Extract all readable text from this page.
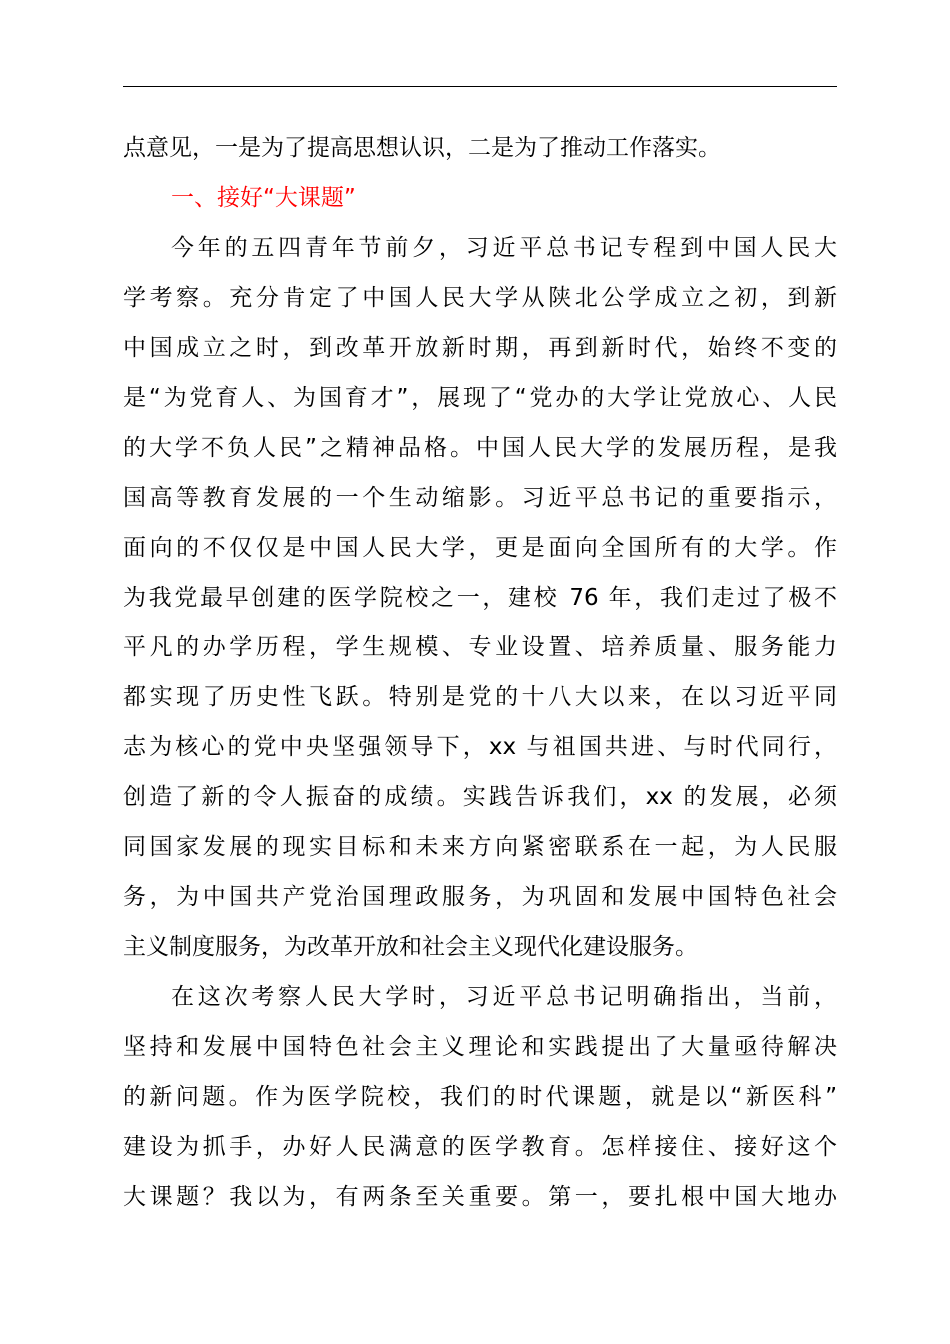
点意见，一是为了提高思想认识，二是为了推动工作落实。
一、接好“大课题”
今年的五四青年节前夕，习近平总书记专程到中国人民大
学考察。充分肯定了中国人民大学从陕北公学成立之初，到新
中国成立之时，到改革开放新时期，再到新时代，始终不变的
是“为党育人、为国育才”，展现了“党办的大学让党放心、人民
的大学不负人民”之精神品格。中国人民大学的发展历程，是我
国高等教育发展的一个生动缩影。习近平总书记的重要指示，
面向的不仅仅是中国人民大学，更是面向全国所有的大学。作
为我党最早创建的医学院校之一，建校 76 年，我们走过了极不
平凡的办学历程，学生规模、专业设置、培养质量、服务能力
都实现了历史性飞跃。特别是党的十八大以来，在以习近平同
志为核心的党中央坚强领导下，xx 与祖国共进、与时代同行，
创造了新的令人振奋的成绩。实践告诉我们，xx 的发展，必须
同国家发展的现实目标和未来方向紧密联系在一起，为人民服
务，为中国共产党治国理政服务，为巩固和发展中国特色社会
主义制度服务，为改革开放和社会主义现代化建设服务。
在这次考察人民大学时，习近平总书记明确指出，当前，
坚持和发展中国特色社会主义理论和实践提出了大量亟待解决
的新问题。作为医学院校，我们的时代课题，就是以“新医科”
建设为抓手，办好人民满意的医学教育。怎样接住、接好这个
大课题？我以为，有两条至关重要。第一，要扎根中国大地办
